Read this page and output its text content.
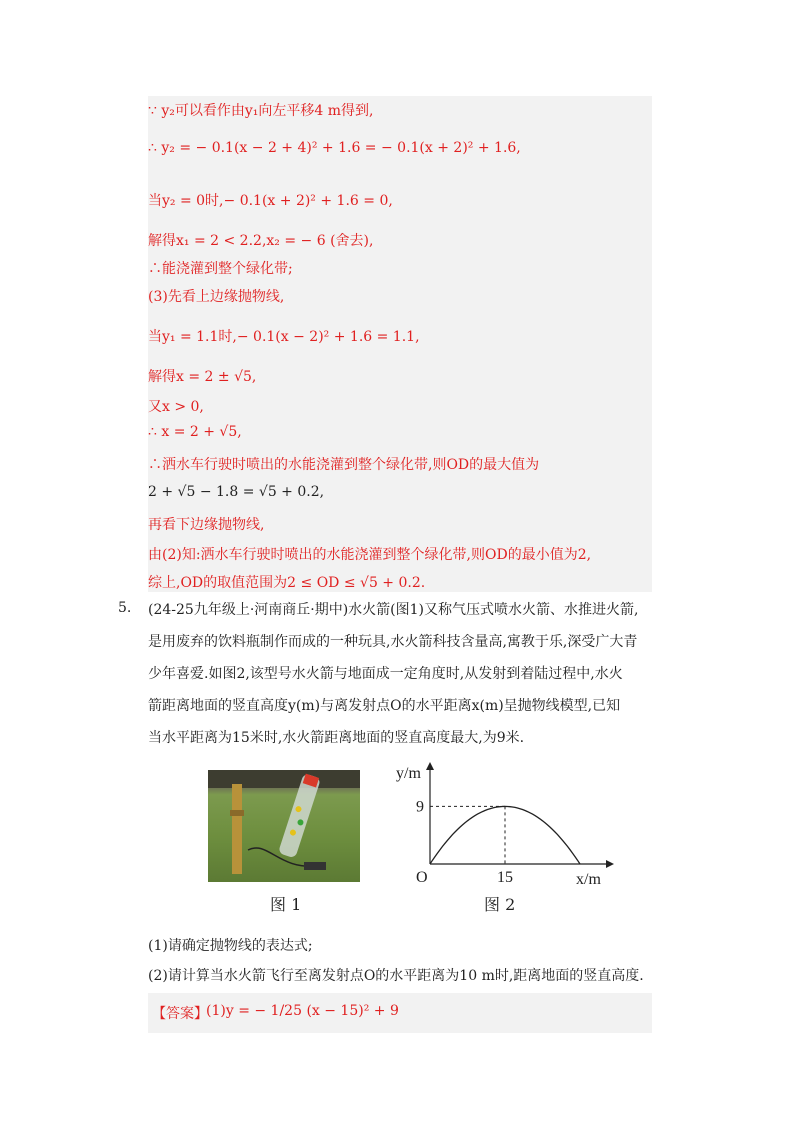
∵ y₂可以看作由y₁向左平移4 m得到,
∴ y₂ = − 0.1(x − 2 + 4)² + 1.6 = − 0.1(x + 2)² + 1.6,
当y₂ = 0时,− 0.1(x + 2)² + 1.6 = 0,
解得x₁ = 2 < 2.2,x₂ = − 6 (舍去),
∴能浇灌到整个绿化带;
(3)先看上边缘抛物线,
当y₁ = 1.1时,− 0.1(x − 2)² + 1.6 = 1.1,
解得x = 2 ± √5,
又x > 0,
∴ x = 2 + √5,
∴洒水车行驶时喷出的水能浇灌到整个绿化带,则OD的最大值为
2 + √5 − 1.8 = √5 + 0.2,
再看下边缘抛物线,
由(2)知:洒水车行驶时喷出的水能浇灌到整个绿化带,则OD的最小值为2,
综上,OD的取值范围为2 ≤ OD ≤ √5 + 0.2.
5. (24-25九年级上·河南商丘·期中)水火箭(图1)又称气压式喷水火箭、水推进火箭,
是用废弃的饮料瓶制作而成的一种玩具,水火箭科技含量高,寓教于乐,深受广大青
少年喜爱.如图2,该型号水火箭与地面成一定角度时,从发射到着陆过程中,水火
箭距离地面的竖直高度y(m)与离发射点O的水平距离x(m)呈抛物线模型,已知
当水平距离为15米时,水火箭距离地面的竖直高度最大,为9米.
图 1
9
15
O
y/m
x/m
图 2
(1)请确定抛物线的表达式;
(2)请计算当水火箭飞行至离发射点O的水平距离为10 m时,距离地面的竖直高度.
【答案】
(1)y = − 1/25 (x − 15)² + 9
